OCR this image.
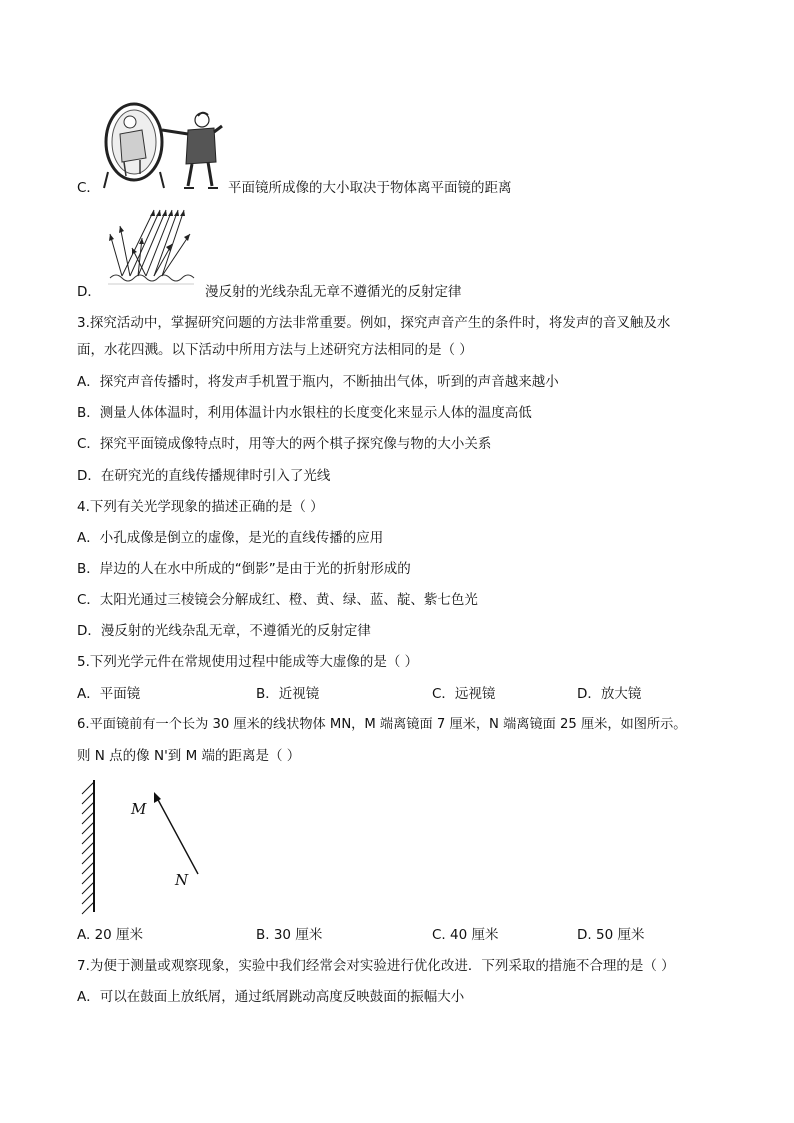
C．	平面镜所成像的大小取决于物体离平面镜的距离
D．	漫反射的光线杂乱无章不遵循光的反射定律
3.探究活动中，掌握研究问题的方法非常重要。例如，探究声音产生的条件时，将发声的音叉触及水
面，水花四溅。以下活动中所用方法与上述研究方法相同的是（ ）
A．探究声音传播时，将发声手机置于瓶内，不断抽出气体，听到的声音越来越小
B．测量人体体温时，利用体温计内水银柱的长度变化来显示人体的温度高低
C．探究平面镜成像特点时，用等大的两个棋子探究像与物的大小关系
D．在研究光的直线传播规律时引入了光线
4.下列有关光学现象的描述正确的是（ ）
A．小孔成像是倒立的虚像，是光的直线传播的应用
B．岸边的人在水中所成的“倒影”是由于光的折射形成的
C．太阳光通过三棱镜会分解成红、橙、黄、绿、蓝、靛、紫七色光
D．漫反射的光线杂乱无章，不遵循光的反射定律
5.下列光学元件在常规使用过程中能成等大虚像的是（ ）
A．平面镜	B．近视镜	C．远视镜	D．放大镜
6.平面镜前有一个长为 30 厘米的线状物体 MN，M 端离镜面 7 厘米，N 端离镜面 25 厘米，如图所示。
则 N 点的像 N'到 M 端的距离是（ ）
M
N
A. 20 厘米	B. 30 厘米	C. 40 厘米	D. 50 厘米
7.为便于测量或观察现象，实验中我们经常会对实验进行优化改进．下列采取的措施不合理的是（ ）
A．可以在鼓面上放纸屑，通过纸屑跳动高度反映鼓面的振幅大小
